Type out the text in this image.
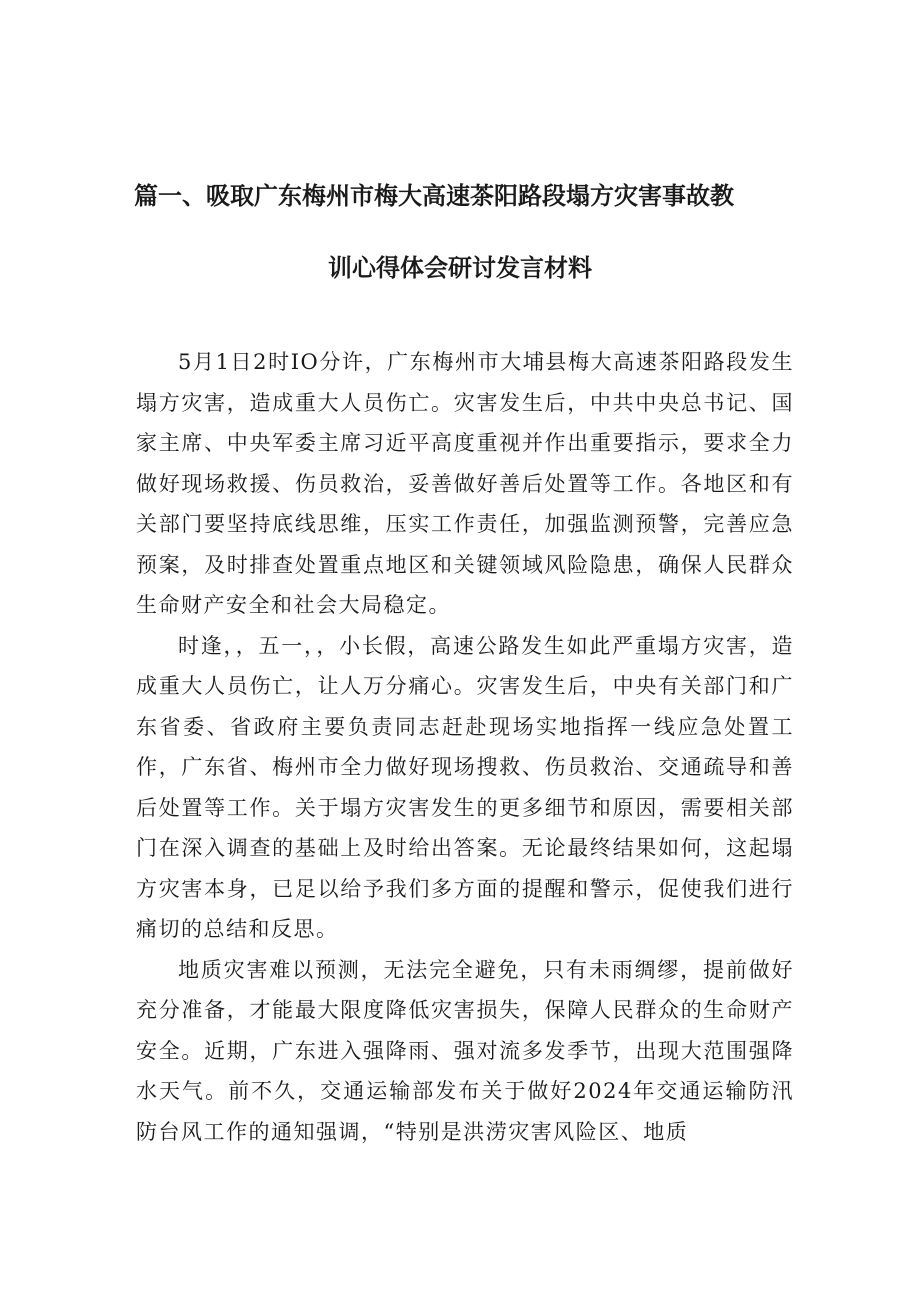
篇一、吸取广东梅州市梅大高速茶阳路段塌方灾害事故教
训心得体会研讨发言材料

5月1日2时IO分许，广东梅州市大埔县梅大高速茶阳路段发生塌方灾害，造成重大人员伤亡。灾害发生后，中共中央总书记、国家主席、中央军委主席习近平高度重视并作出重要指示，要求全力做好现场救援、伤员救治，妥善做好善后处置等工作。各地区和有关部门要坚持底线思维，压实工作责任，加强监测预警，完善应急预案，及时排查处置重点地区和关键领域风险隐患，确保人民群众生命财产安全和社会大局稳定。

时逢，，五一，，小长假，高速公路发生如此严重塌方灾害，造成重大人员伤亡，让人万分痛心。灾害发生后，中央有关部门和广东省委、省政府主要负责同志赶赴现场实地指挥一线应急处置工作，广东省、梅州市全力做好现场搜救、伤员救治、交通疏导和善后处置等工作。关于塌方灾害发生的更多细节和原因，需要相关部门在深入调查的基础上及时给出答案。无论最终结果如何，这起塌方灾害本身，已足以给予我们多方面的提醒和警示，促使我们进行痛切的总结和反思。

地质灾害难以预测，无法完全避免，只有未雨绸缪，提前做好充分准备，才能最大限度降低灾害损失，保障人民群众的生命财产安全。近期，广东进入强降雨、强对流多发季节，出现大范围强降水天气。前不久，交通运输部发布关于做好2024年交通运输防汛防台风工作的通知强调，“特别是洪涝灾害风险区、地质
